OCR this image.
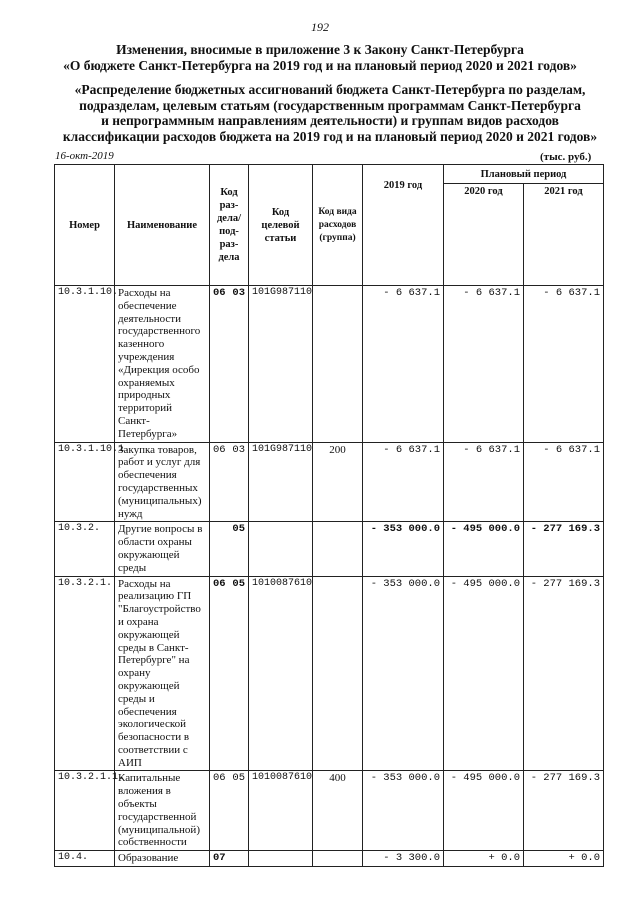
192
Изменения, вносимые в приложение 3 к Закону Санкт-Петербурга
«О бюджете Санкт-Петербурга на 2019 год и на плановый период 2020 и 2021 годов»
«Распределение бюджетных ассигнований бюджета Санкт-Петербурга по разделам,
подразделам, целевым статьям (государственным программам Санкт-Петербурга
и непрограммным направлениям деятельности) и группам видов расходов
классификации расходов бюджета на 2019 год и на плановый период 2020 и 2021 годов»
16-окт-2019	(тыс. руб.)
Номер	Наименование	Код раз- дела/ под- раз- дела	Код целевой статьи	Код вида расходов (группа)	2019 год	Плановый период	
						2020 год	2021 год
10.3.1.10.	Расходы на обеспечение деятельности государственного казенного учреждения «Дирекция особо охраняемых природных территорий Санкт-Петербурга»	06 03	101G987110		- 6 637.1	- 6 637.1	- 6 637.1
10.3.1.10.1.	Закупка товаров, работ и услуг для обеспечения государственных (муниципальных) нужд	06 03	101G987110	200	- 6 637.1	- 6 637.1	- 6 637.1
10.3.2.	Другие вопросы в области охраны окружающей среды	05			- 353 000.0	- 495 000.0	- 277 169.3
10.3.2.1.	Расходы на реализацию ГП "Благоустройство и охрана окружающей среды в Санкт-Петербурге" на охрану окружающей среды и обеспечения экологической безопасности в соответствии с АИП	06 05	1010087610		- 353 000.0	- 495 000.0	- 277 169.3
10.3.2.1.1.	Капитальные вложения в объекты государственной (муниципальной) собственности	06 05	1010087610	400	- 353 000.0	- 495 000.0	- 277 169.3
10.4.	Образование	07			- 3 300.0	+ 0.0	+ 0.0
